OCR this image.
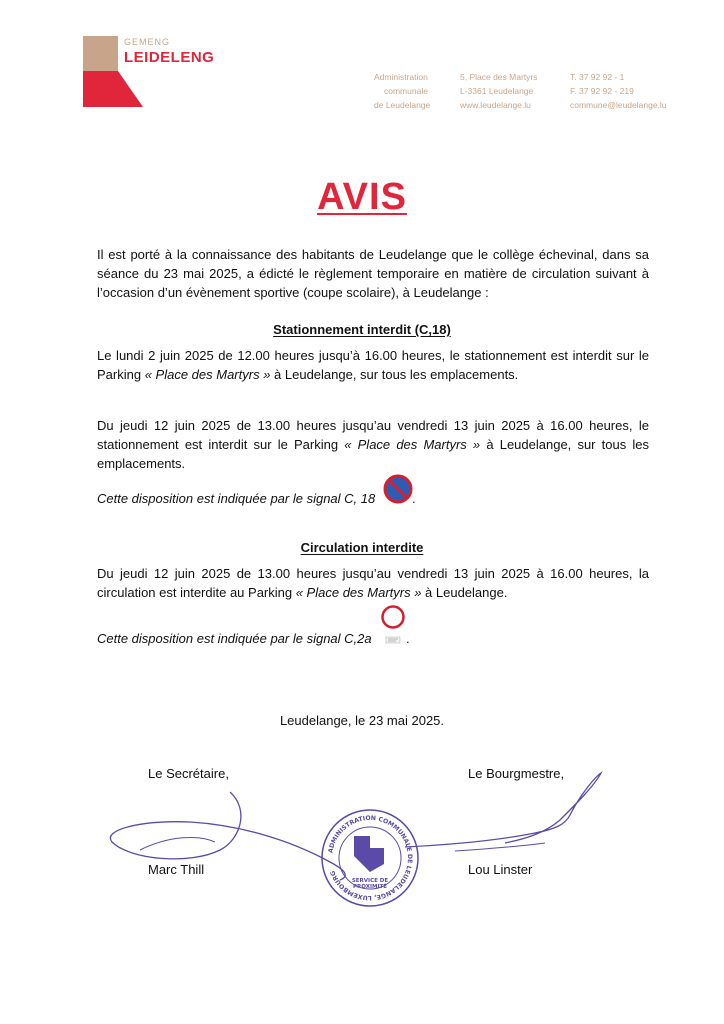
GEMENG
LEIDELENG
Administration
communale
de Leudelange
5, Place des Martyrs
L-3361 Leudelange
www.leudelange.lu
T. 37 92 92 - 1
F. 37 92 92 - 219
commune@leudelange.lu
AVIS
Il est porté à la connaissance des habitants de Leudelange que le collège échevinal, dans sa séance du 23 mai 2025, a édicté le règlement temporaire en matière de circulation suivant à l’occasion d’un évènement sportive (coupe scolaire), à Leudelange :
Stationnement interdit (C,18)
Le lundi 2 juin 2025 de 12.00 heures jusqu’à 16.00 heures, le stationnement est interdit sur le Parking « Place des Martyrs » à Leudelange, sur tous les emplacements.
Du jeudi 12 juin 2025 de 13.00 heures jusqu’au vendredi 13 juin 2025 à 16.00 heures, le stationnement est interdit sur le Parking « Place des Martyrs » à Leudelange, sur tous les emplacements.
Cette disposition est indiquée par le signal C, 18	.
Circulation interdite
Du jeudi 12 juin 2025 de 13.00 heures jusqu’au vendredi 13 juin 2025 à 16.00 heures, la circulation est interdite au Parking « Place des Martyrs » à Leudelange.
Cette disposition est indiquée par le signal C,2a	.
Leudelange, le 23 mai 2025.
Le Secrétaire,	Le Bourgmestre,
Marc Thill	Lou Linster
ADMINISTRATION COMMUNALE DE LEUDELANGE, LUXEMBOURG
SERVICE DE
PROXIMITÉ
